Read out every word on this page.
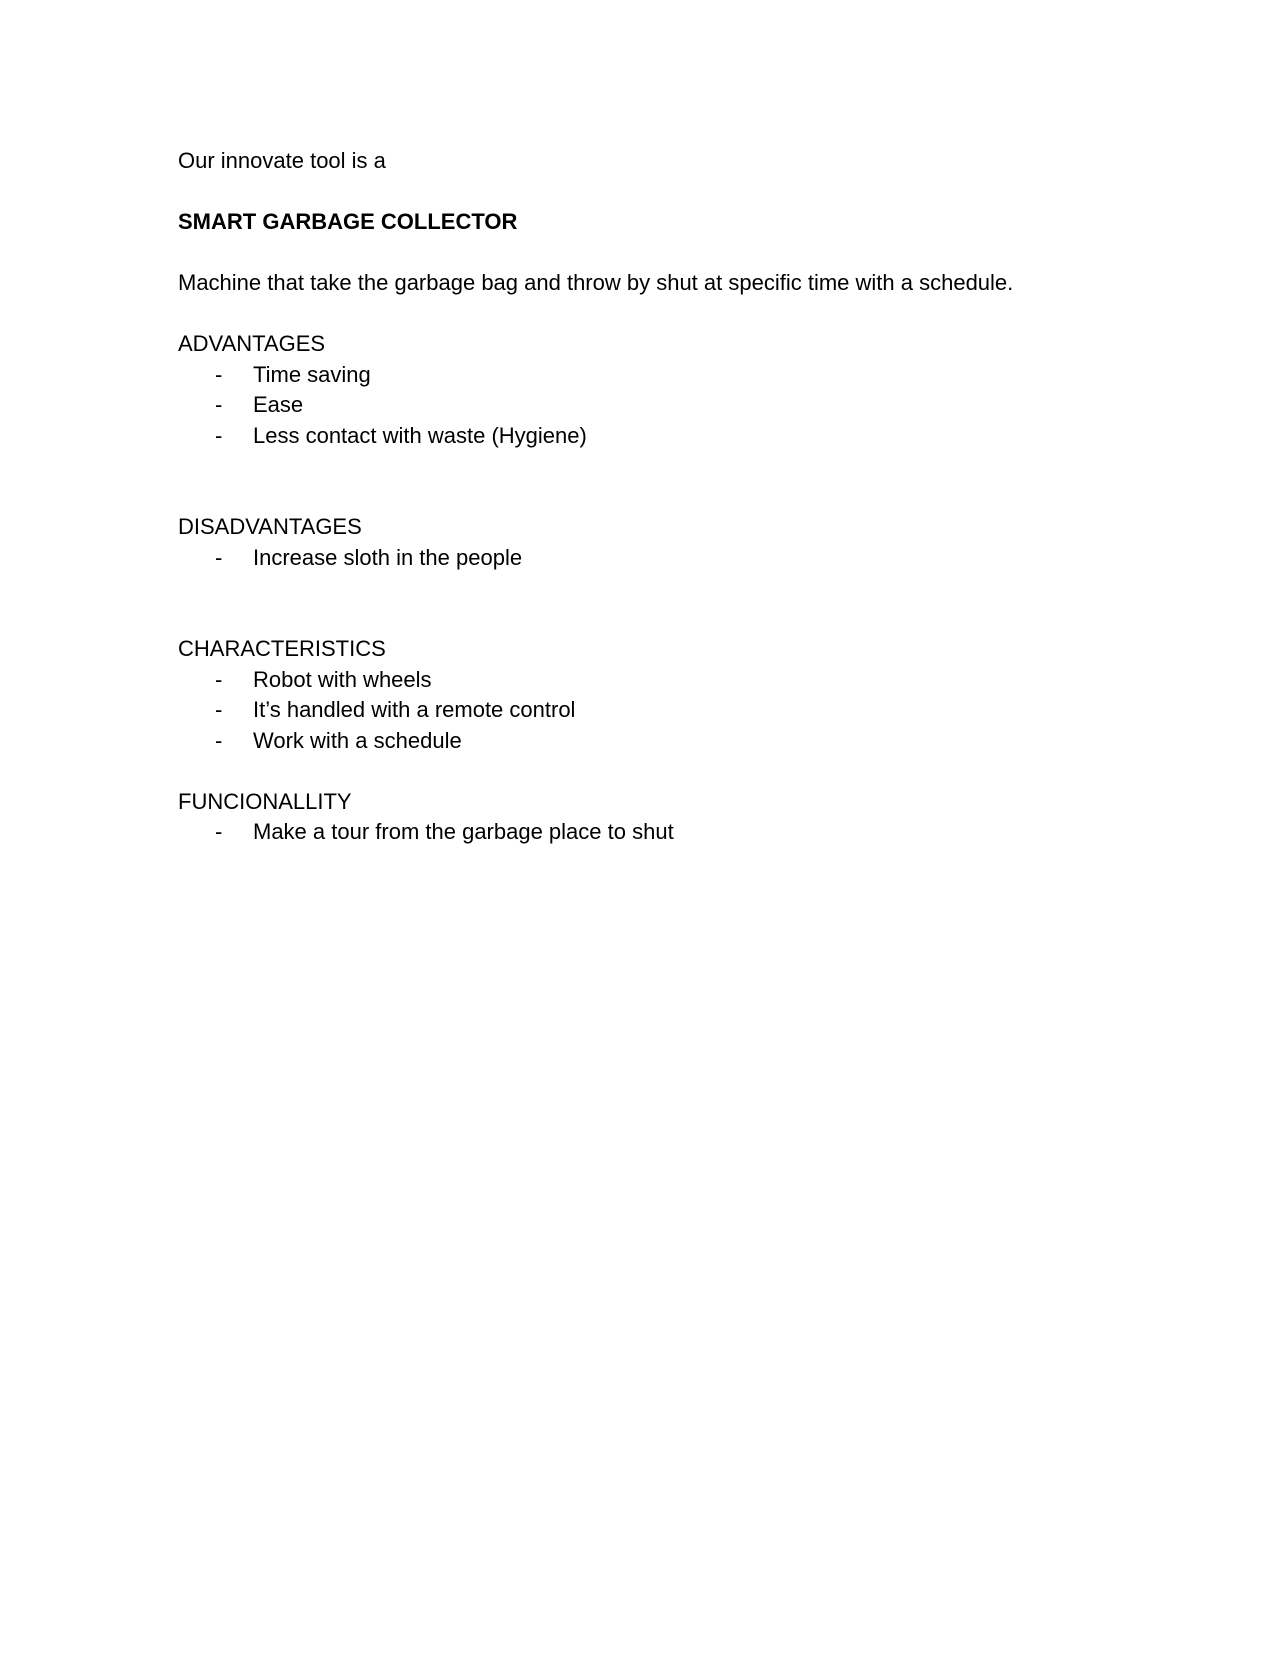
Our innovate tool is a

SMART GARBAGE COLLECTOR

Machine that take the garbage bag and throw by shut at specific time with a schedule.

ADVANTAGES

- Time saving
- Ease
- Less contact with waste (Hygiene)

DISADVANTAGES

- Increase sloth in the people

CHARACTERISTICS

- Robot with wheels
- It’s handled with a remote control
- Work with a schedule

FUNCIONALLITY

- Make a tour from the garbage place to shut
